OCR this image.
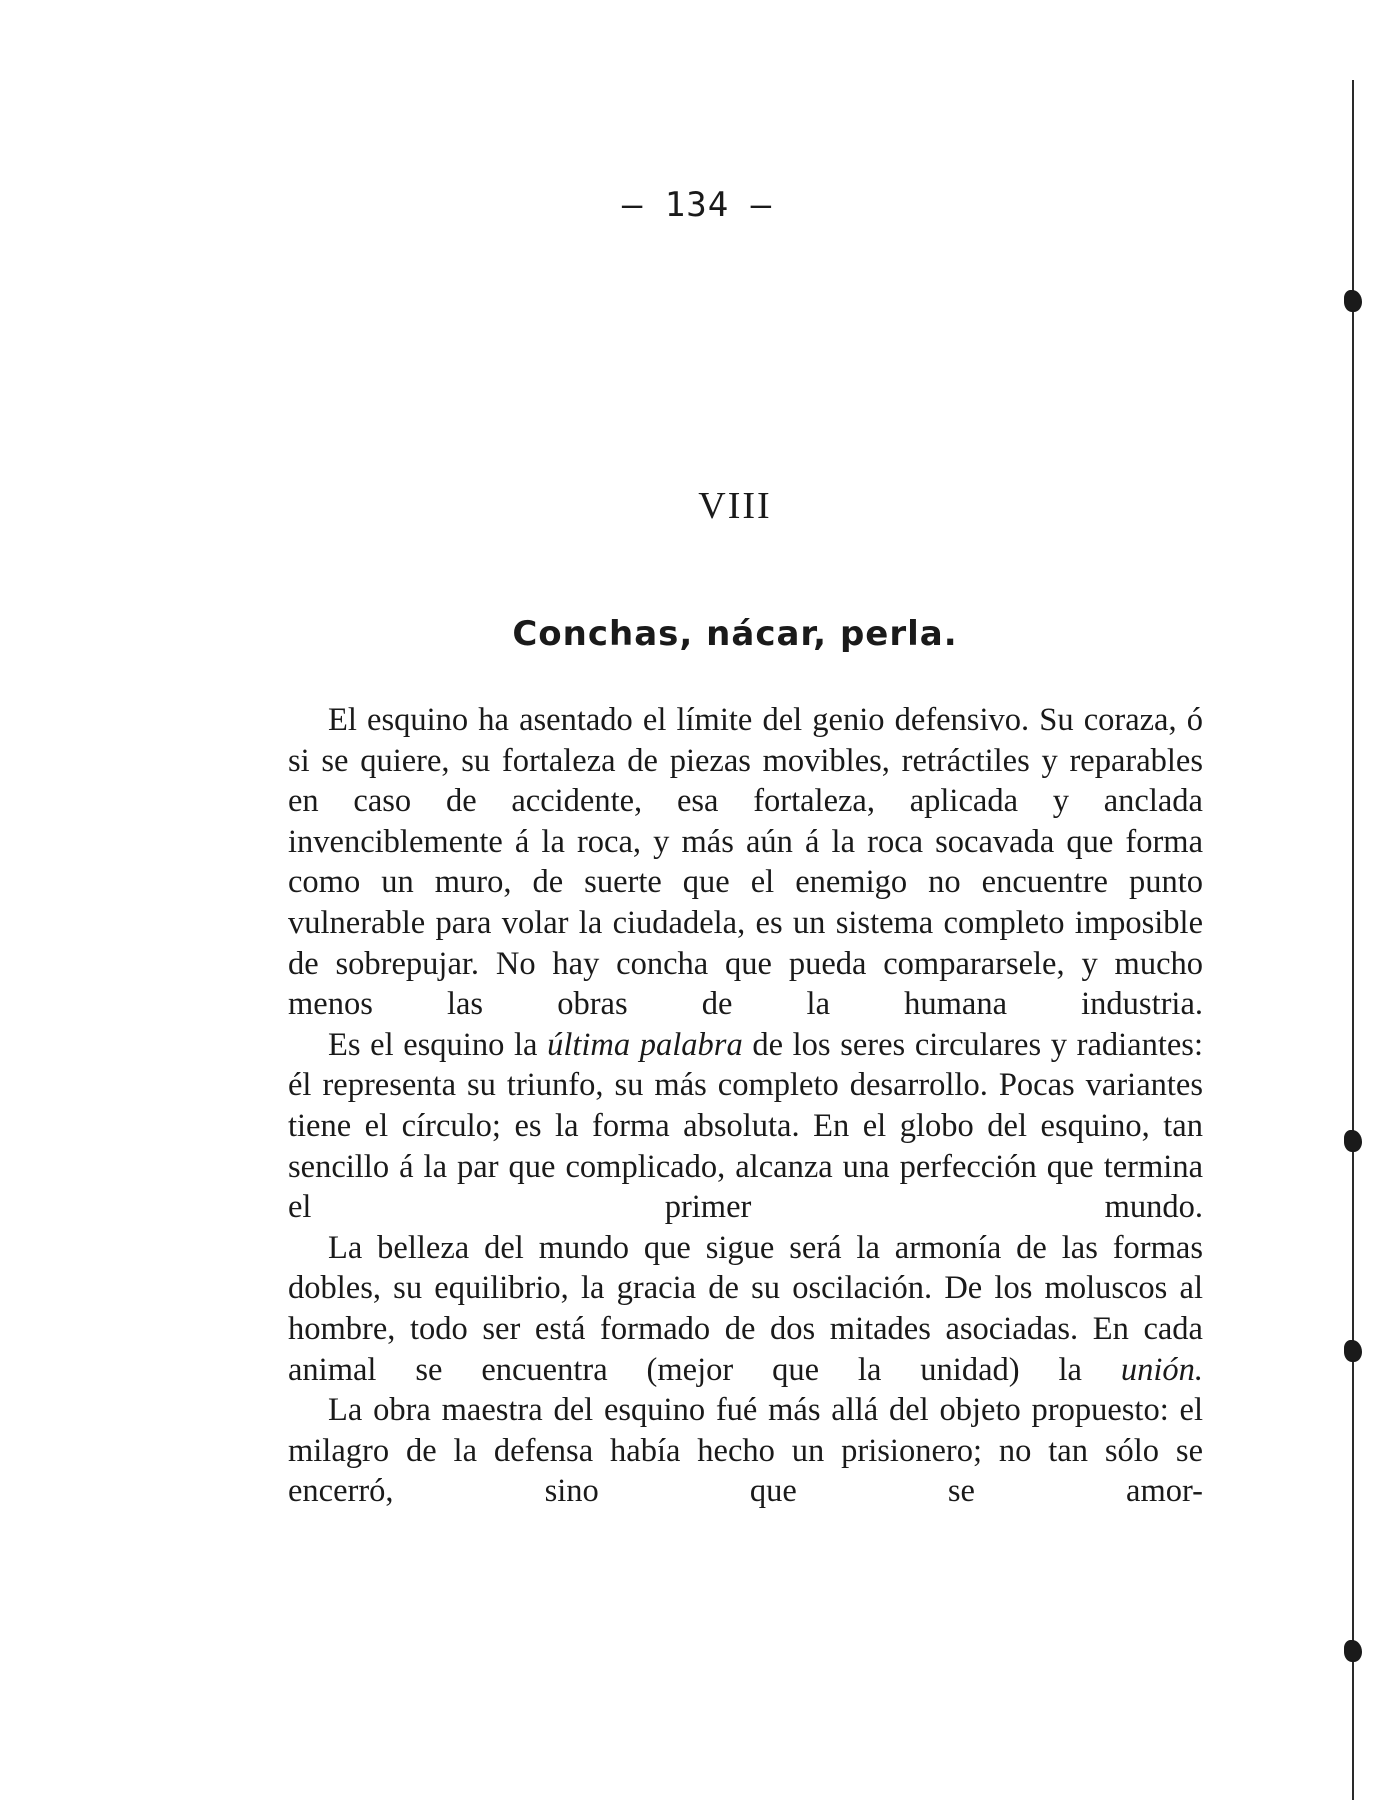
— 134 —
VIII
Conchas, nácar, perla.

El esquino ha asentado el límite del genio defensivo. Su coraza, ó si se quiere, su fortaleza de piezas movibles, retráctiles y reparables en caso de accidente, esa fortaleza, aplicada y anclada invenciblemente á la roca, y más aún á la roca socavada que forma como un muro, de suerte que el enemigo no encuentre punto vulnerable para volar la ciudadela, es un sistema completo imposible de sobrepujar. No hay concha que pueda compararsele, y mucho menos las obras de la humana industria.

Es el esquino la última palabra de los seres circulares y radiantes: él representa su triunfo, su más completo desarrollo. Pocas variantes tiene el círculo; es la forma absoluta. En el globo del esquino, tan sencillo á la par que complicado, alcanza una perfección que termina el primer mundo.

La belleza del mundo que sigue será la armonía de las formas dobles, su equilibrio, la gracia de su oscilación. De los moluscos al hombre, todo ser está formado de dos mitades asociadas. En cada animal se encuentra (mejor que la unidad) la unión.

La obra maestra del esquino fué más allá del objeto propuesto: el milagro de la defensa había hecho un prisionero; no tan sólo se encerró, sino que se amor-
